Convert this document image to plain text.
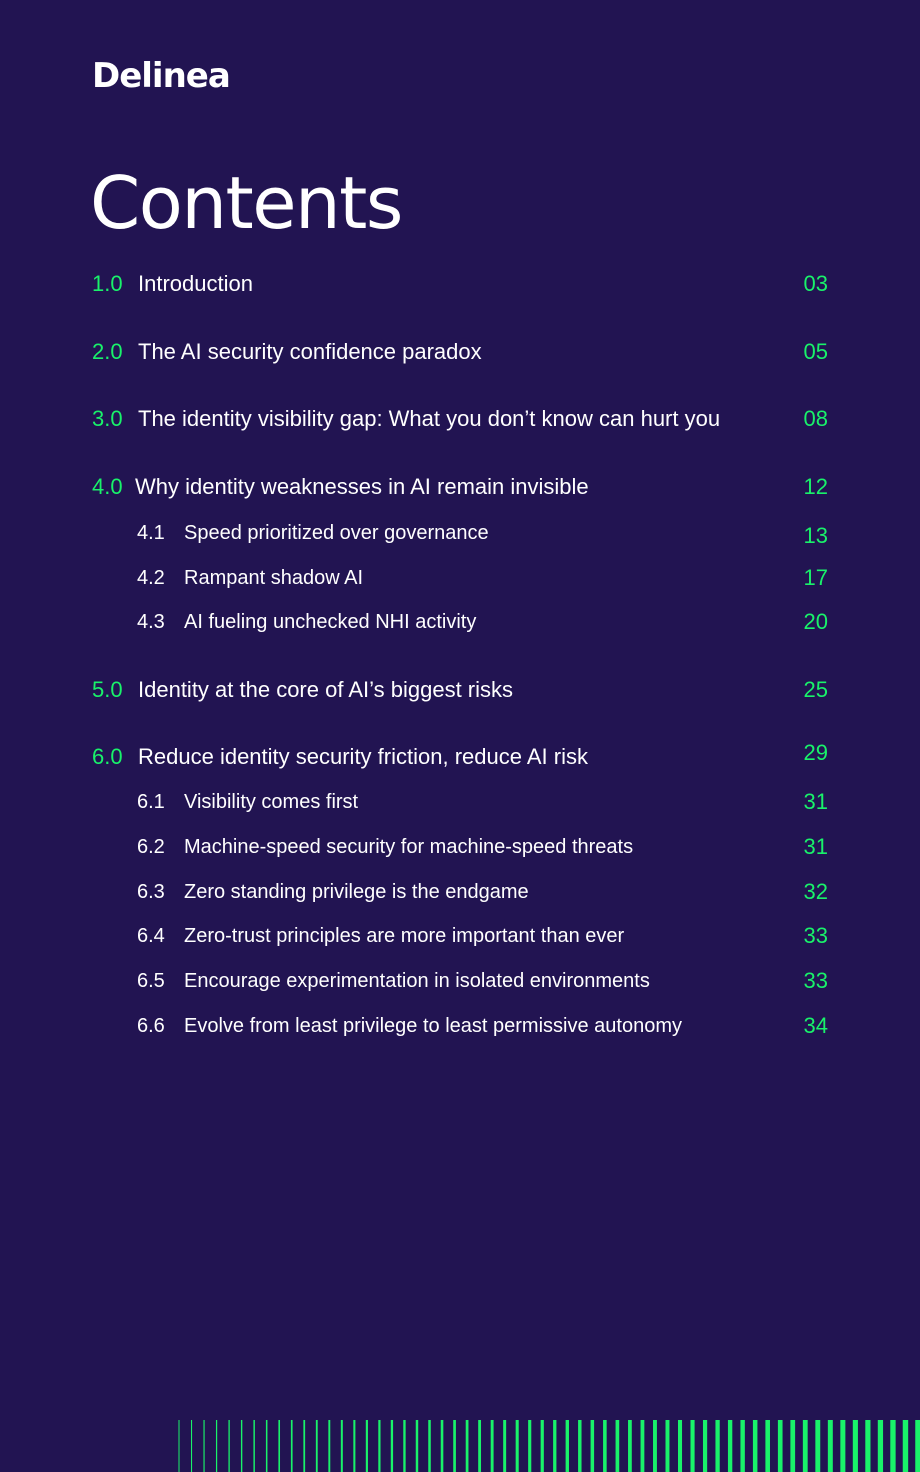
Delinea
Contents
1.0 Introduction	03
2.0 The AI security confidence paradox	05
3.0 The identity visibility gap: What you don’t know can hurt you	08
4.0 Why identity weaknesses in AI remain invisible	12
4.1 Speed prioritized over governance	13
4.2 Rampant shadow AI	17
4.3 AI fueling unchecked NHI activity	20
5.0 Identity at the core of AI’s biggest risks	25
6.0 Reduce identity security friction, reduce AI risk	29
6.1 Visibility comes first	31
6.2 Machine-speed security for machine-speed threats	31
6.3 Zero standing privilege is the endgame	32
6.4 Zero-trust principles are more important than ever	33
6.5 Encourage experimentation in isolated environments	33
6.6 Evolve from least privilege to least permissive autonomy	34
